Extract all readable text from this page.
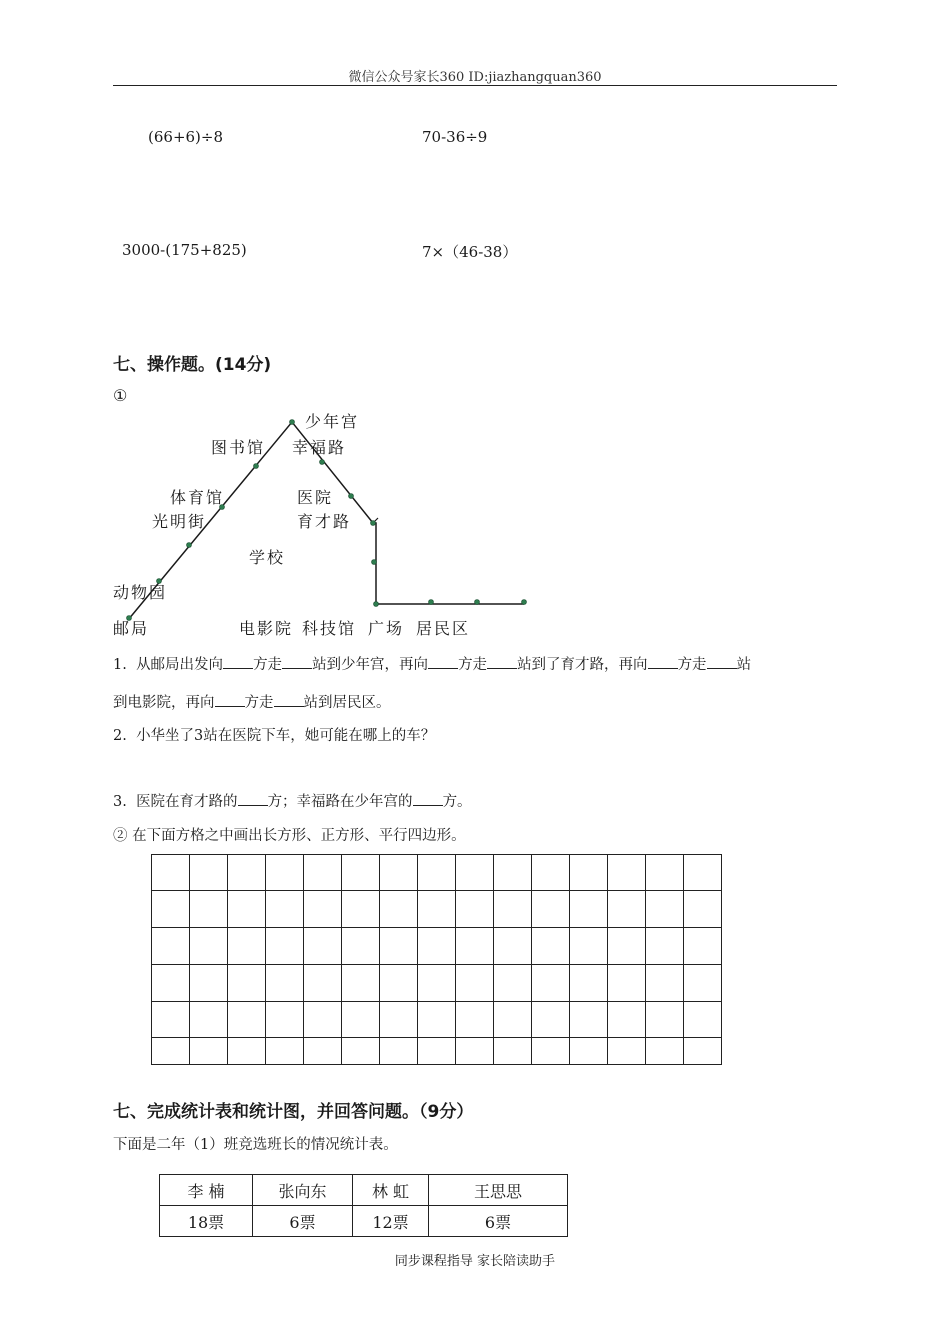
微信公众号家长360 ID:jiazhangquan360
(66+6)÷8	70-36÷9
3000-(175+825)	7×（46-38）
七、操作题。(14分)
①
少年宫
图书馆 幸福路
体育馆	医院
光明街	育才路
学校
动物园
邮局	电影院 科技馆 广场 居民区
1. 从邮局出发向 方走 站到少年宫，再向 方走 站到了育才路，再向 方走 站
到电影院，再向 方走 站到居民区。
2. 小华坐了3站在医院下车，她可能在哪上的车？
3. 医院在育才路的 方；幸福路在少年宫的 方。
② 在下面方格之中画出长方形、正方形、平行四边形。

七、完成统计表和统计图，并回答问题。（9分）
下面是二年（1）班竞选班长的情况统计表。
李 楠	张向东	林 虹	王思思
18票	6票	12票	6票
同步课程指导 家长陪读助手
